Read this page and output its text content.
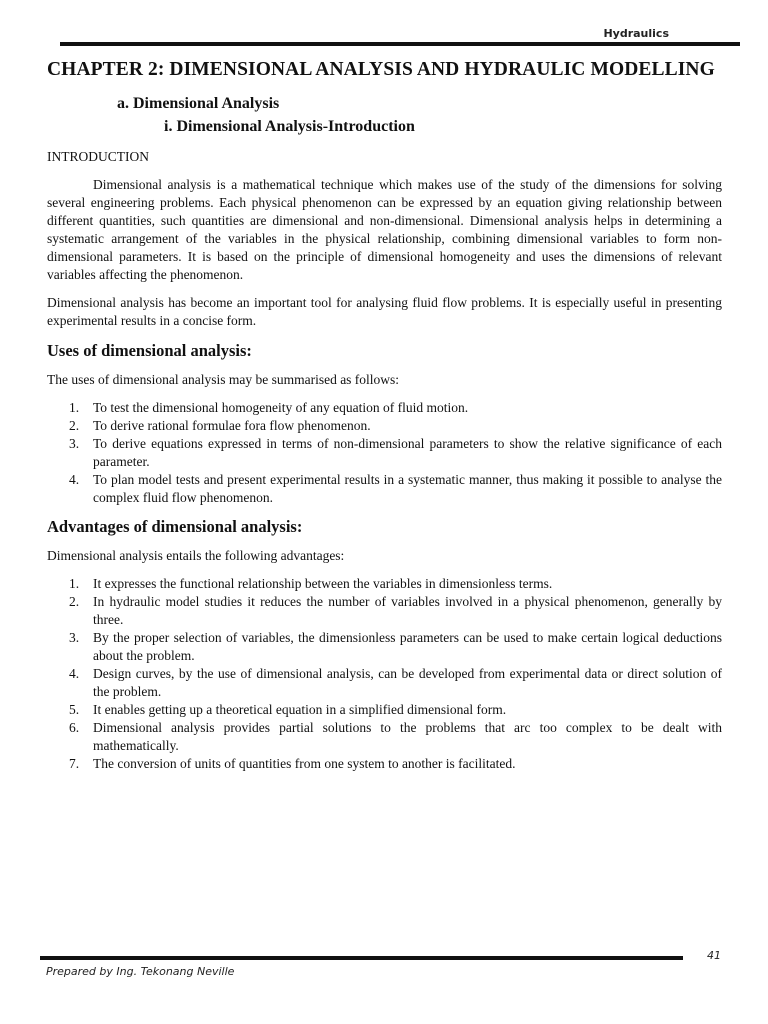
Hydraulics
CHAPTER 2: DIMENSIONAL ANALYSIS AND HYDRAULIC MODELLING
a. Dimensional Analysis
i. Dimensional Analysis-Introduction
INTRODUCTION

Dimensional analysis is a mathematical technique which makes use of the study of the dimensions for solving several engineering problems. Each physical phenomenon can be expressed by an equation giving relationship between different quantities, such quantities are dimensional and non-dimensional. Dimensional analysis helps in determining a systematic arrangement of the variables in the physical relationship, combining dimensional variables to form non-dimensional parameters. It is based on the principle of dimensional homogeneity and uses the dimensions of relevant variables affecting the phenomenon.

Dimensional analysis has become an important tool for analysing fluid flow problems. It is especially useful in presenting experimental results in a concise form.

Uses of dimensional analysis:

The uses of dimensional analysis may be summarised as follows:

1. To test the dimensional homogeneity of any equation of fluid motion.
2. To derive rational formulae fora flow phenomenon.
3. To derive equations expressed in terms of non-dimensional parameters to show the relative significance of each parameter.
4. To plan model tests and present experimental results in a systematic manner, thus making it possible to analyse the complex fluid flow phenomenon.
Advantages of dimensional analysis:

Dimensional analysis entails the following advantages:

1. It expresses the functional relationship between the variables in dimensionless terms.
2. In hydraulic model studies it reduces the number of variables involved in a physical phenomenon, generally by three.
3. By the proper selection of variables, the dimensionless parameters can be used to make certain logical deductions about the problem.
4. Design curves, by the use of dimensional analysis, can be developed from experimental data or direct solution of the problem.
5. It enables getting up a theoretical equation in a simplified dimensional form.
6. Dimensional analysis provides partial solutions to the problems that arc too complex to be dealt with mathematically.
7. The conversion of units of quantities from one system to another is facilitated.
41
Prepared by Ing. Tekonang Neville
